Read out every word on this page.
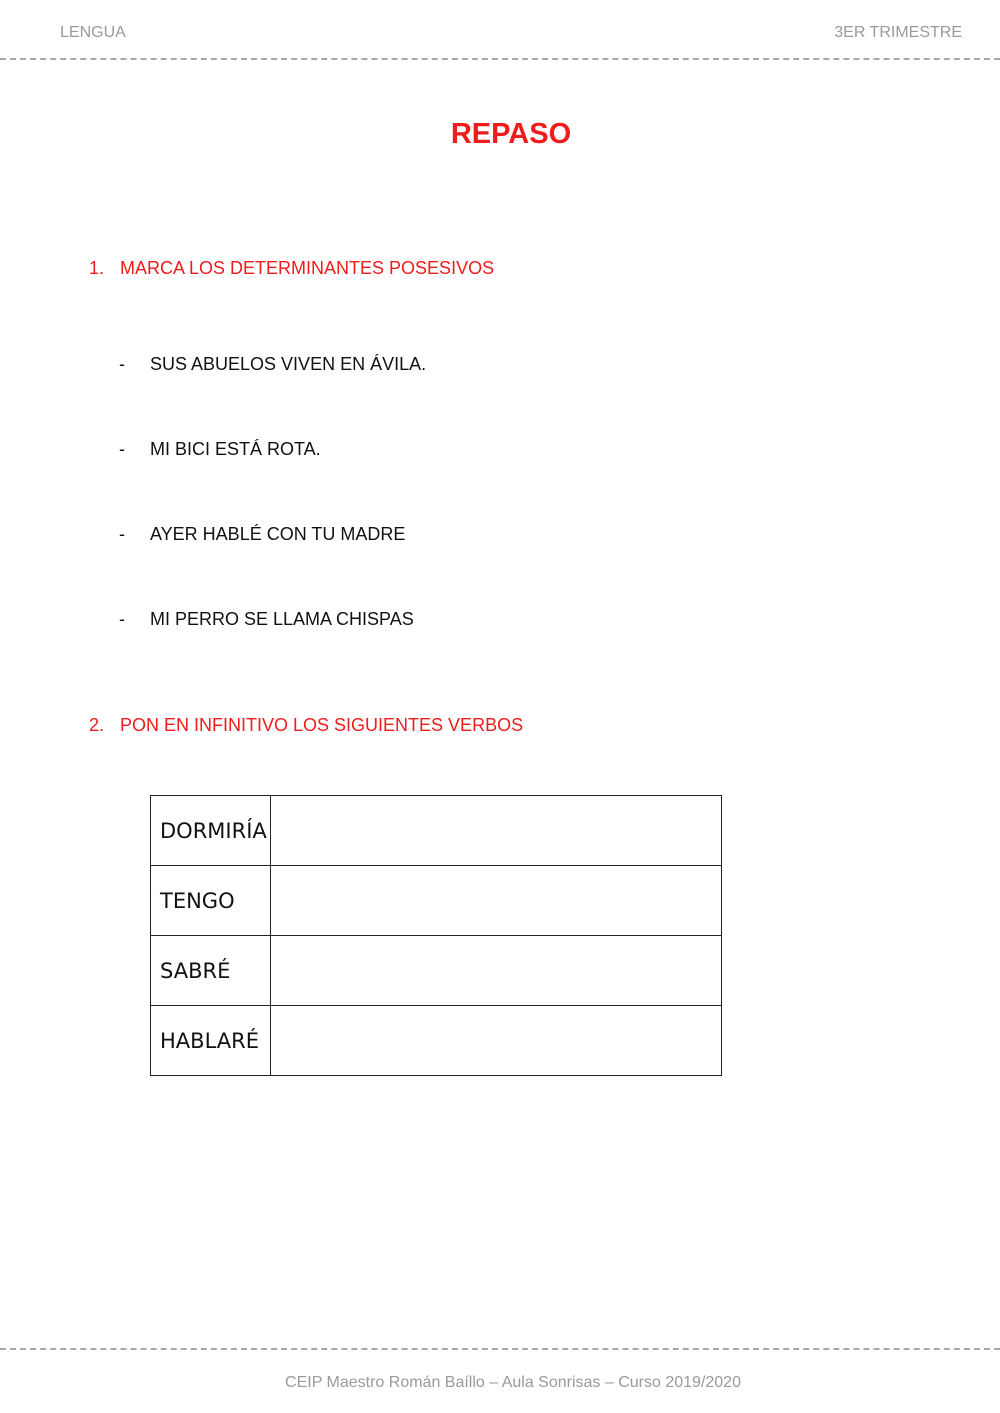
LENGUA	3ER TRIMESTRE
REPASO
1. MARCA LOS DETERMINANTES POSESIVOS
- SUS ABUELOS VIVEN EN ÁVILA.
- MI BICI ESTÁ ROTA.
- AYER HABLÉ CON TU MADRE
- MI PERRO SE LLAMA CHISPAS
2. PON EN INFINITIVO LOS SIGUIENTES VERBOS
DORMIRÍA	
TENGO	
SABRÉ	
HABLARÉ	
CEIP Maestro Román Baíllo – Aula Sonrisas – Curso 2019/2020
